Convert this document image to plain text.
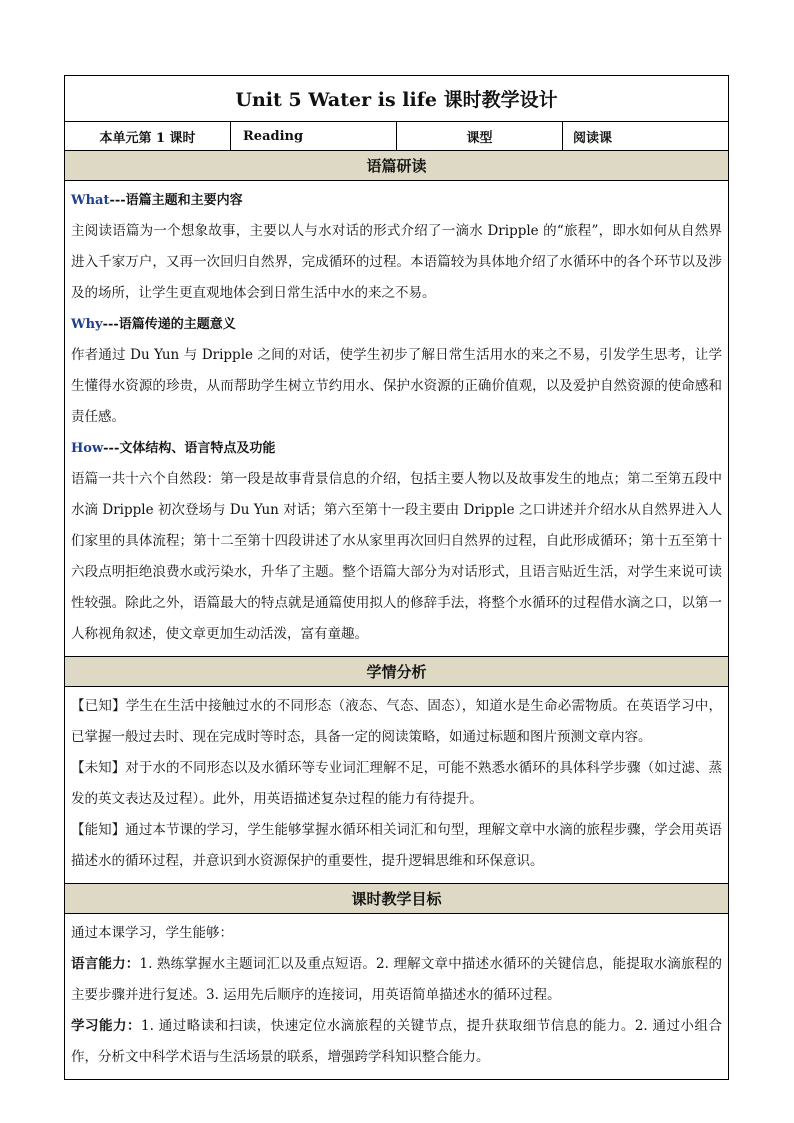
Unit 5 Water is life 课时教学设计
本单元第 1 课时	Reading	课型	阅读课
语篇研读

What---语篇主题和主要内容

主阅读语篇为一个想象故事，主要以人与水对话的形式介绍了一滴水 Dripple 的“旅程”，即水如何从自然界进入千家万户，又再一次回归自然界，完成循环的过程。本语篇较为具体地介绍了水循环中的各个环节以及涉及的场所，让学生更直观地体会到日常生活中水的来之不易。

Why---语篇传递的主题意义

作者通过 Du Yun 与 Dripple 之间的对话，使学生初步了解日常生活用水的来之不易，引发学生思考，让学生懂得水资源的珍贵，从而帮助学生树立节约用水、保护水资源的正确价值观，以及爱护自然资源的使命感和责任感。

How---文体结构、语言特点及功能

语篇一共十六个自然段：第一段是故事背景信息的介绍，包括主要人物以及故事发生的地点；第二至第五段中水滴 Dripple 初次登场与 Du Yun 对话；第六至第十一段主要由 Dripple 之口讲述并介绍水从自然界进入人们家里的具体流程；第十二至第十四段讲述了水从家里再次回归自然界的过程，自此形成循环；第十五至第十六段点明拒绝浪费水或污染水，升华了主题。整个语篇大部分为对话形式，且语言贴近生活，对学生来说可读性较强。除此之外，语篇最大的特点就是通篇使用拟人的修辞手法，将整个水循环的过程借水滴之口，以第一人称视角叙述，使文章更加生动活泼，富有童趣。

学情分析

【已知】学生在生活中接触过水的不同形态（液态、气态、固态），知道水是生命必需物质。在英语学习中，已掌握一般过去时、现在完成时等时态，具备一定的阅读策略，如通过标题和图片预测文章内容。

【未知】对于水的不同形态以及水循环等专业词汇理解不足，可能不熟悉水循环的具体科学步骤（如过滤、蒸发的英文表达及过程）。此外，用英语描述复杂过程的能力有待提升。

【能知】通过本节课的学习，学生能够掌握水循环相关词汇和句型，理解文章中水滴的旅程步骤，学会用英语描述水的循环过程，并意识到水资源保护的重要性，提升逻辑思维和环保意识。

课时教学目标

通过本课学习，学生能够：

语言能力：1. 熟练掌握水主题词汇以及重点短语。2. 理解文章中描述水循环的关键信息，能提取水滴旅程的主要步骤并进行复述。3. 运用先后顺序的连接词，用英语简单描述水的循环过程。

学习能力：1. 通过略读和扫读，快速定位水滴旅程的关键节点，提升获取细节信息的能力。2. 通过小组合作，分析文中科学术语与生活场景的联系，增强跨学科知识整合能力。
